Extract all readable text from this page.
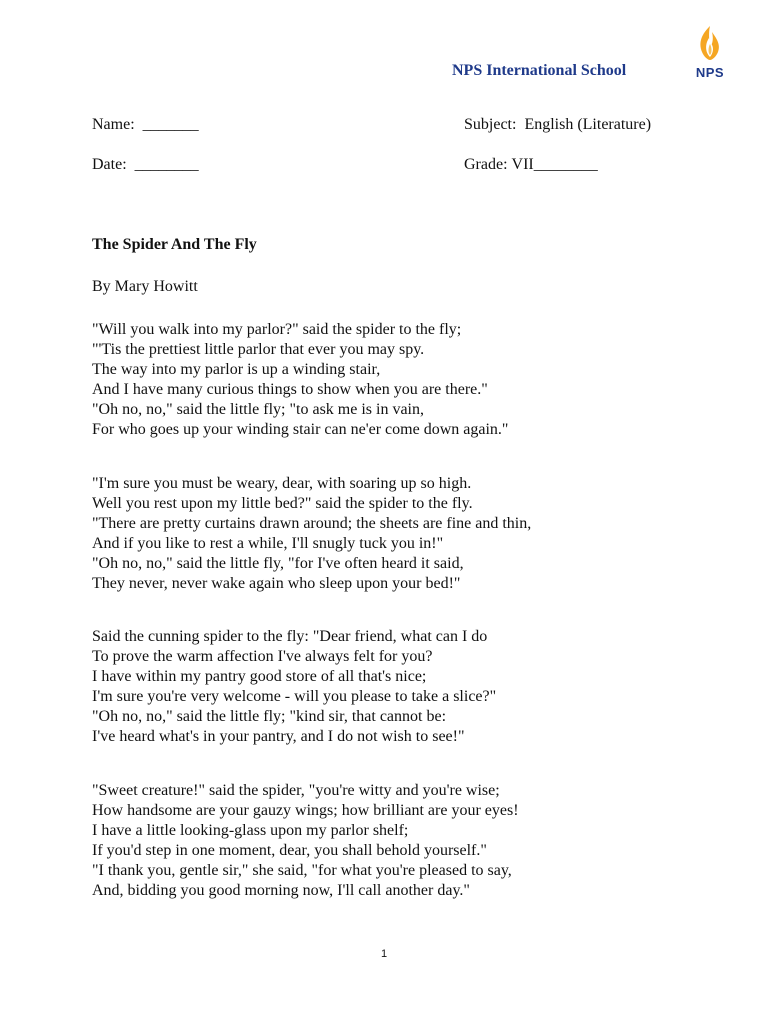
NPS International School	NPS
Name: _______
Date: ________
Subject: English (Literature)
Grade: VII________
The Spider And The Fly
By Mary Howitt
"Will you walk into my parlor?" said the spider to the fly;
"'Tis the prettiest little parlor that ever you may spy.
The way into my parlor is up a winding stair,
And I have many curious things to show when you are there."
"Oh no, no," said the little fly; "to ask me is in vain,
For who goes up your winding stair can ne'er come down again."
"I'm sure you must be weary, dear, with soaring up so high.
Well you rest upon my little bed?" said the spider to the fly.
"There are pretty curtains drawn around; the sheets are fine and thin,
And if you like to rest a while, I'll snugly tuck you in!"
"Oh no, no," said the little fly, "for I've often heard it said,
They never, never wake again who sleep upon your bed!"
Said the cunning spider to the fly: "Dear friend, what can I do
To prove the warm affection I've always felt for you?
I have within my pantry good store of all that's nice;
I'm sure you're very welcome - will you please to take a slice?"
"Oh no, no," said the little fly; "kind sir, that cannot be:
I've heard what's in your pantry, and I do not wish to see!"
"Sweet creature!" said the spider, "you're witty and you're wise;
How handsome are your gauzy wings; how brilliant are your eyes!
I have a little looking-glass upon my parlor shelf;
If you'd step in one moment, dear, you shall behold yourself."
"I thank you, gentle sir," she said, "for what you're pleased to say,
And, bidding you good morning now, I'll call another day."
1
